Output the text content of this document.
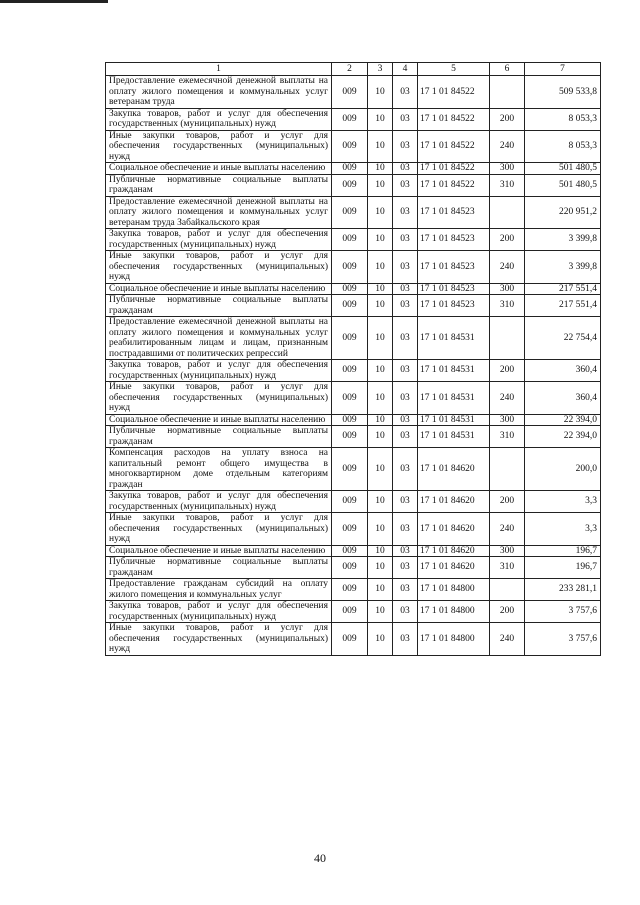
1	2	3	4	5	6	7
Предоставление ежемесячной денежной выплаты на оплату жилого помещения и коммунальных услуг ветеранам труда	009	10	03	17 1 01 84522		509 533,8
Закупка товаров, работ и услуг для обеспечения государственных (муниципальных) нужд	009	10	03	17 1 01 84522	200	8 053,3
Иные закупки товаров, работ и услуг для обеспечения государственных (муниципальных) нужд	009	10	03	17 1 01 84522	240	8 053,3
Социальное обеспечение и иные выплаты населению	009	10	03	17 1 01 84522	300	501 480,5
Публичные нормативные социальные выплаты гражданам	009	10	03	17 1 01 84522	310	501 480,5
Предоставление ежемесячной денежной выплаты на оплату жилого помещения и коммунальных услуг ветеранам труда Забайкальского края	009	10	03	17 1 01 84523		220 951,2
Закупка товаров, работ и услуг для обеспечения государственных (муниципальных) нужд	009	10	03	17 1 01 84523	200	3 399,8
Иные закупки товаров, работ и услуг для обеспечения государственных (муниципальных) нужд	009	10	03	17 1 01 84523	240	3 399,8
Социальное обеспечение и иные выплаты населению	009	10	03	17 1 01 84523	300	217 551,4
Публичные нормативные социальные выплаты гражданам	009	10	03	17 1 01 84523	310	217 551,4
Предоставление ежемесячной денежной выплаты на оплату жилого помещения и коммунальных услуг реабилитированным лицам и лицам, признанным пострадавшими от политических репрессий	009	10	03	17 1 01 84531		22 754,4
Закупка товаров, работ и услуг для обеспечения государственных (муниципальных) нужд	009	10	03	17 1 01 84531	200	360,4
Иные закупки товаров, работ и услуг для обеспечения государственных (муниципальных) нужд	009	10	03	17 1 01 84531	240	360,4
Социальное обеспечение и иные выплаты населению	009	10	03	17 1 01 84531	300	22 394,0
Публичные нормативные социальные выплаты гражданам	009	10	03	17 1 01 84531	310	22 394,0
Компенсация расходов на уплату взноса на капитальный ремонт общего имущества в многоквартирном доме отдельным категориям граждан	009	10	03	17 1 01 84620		200,0
Закупка товаров, работ и услуг для обеспечения государственных (муниципальных) нужд	009	10	03	17 1 01 84620	200	3,3
Иные закупки товаров, работ и услуг для обеспечения государственных (муниципальных) нужд	009	10	03	17 1 01 84620	240	3,3
Социальное обеспечение и иные выплаты населению	009	10	03	17 1 01 84620	300	196,7
Публичные нормативные социальные выплаты гражданам	009	10	03	17 1 01 84620	310	196,7
Предоставление гражданам субсидий на оплату жилого помещения и коммунальных услуг	009	10	03	17 1 01 84800		233 281,1
Закупка товаров, работ и услуг для обеспечения государственных (муниципальных) нужд	009	10	03	17 1 01 84800	200	3 757,6
Иные закупки товаров, работ и услуг для обеспечения государственных (муниципальных) нужд	009	10	03	17 1 01 84800	240	3 757,6
40
